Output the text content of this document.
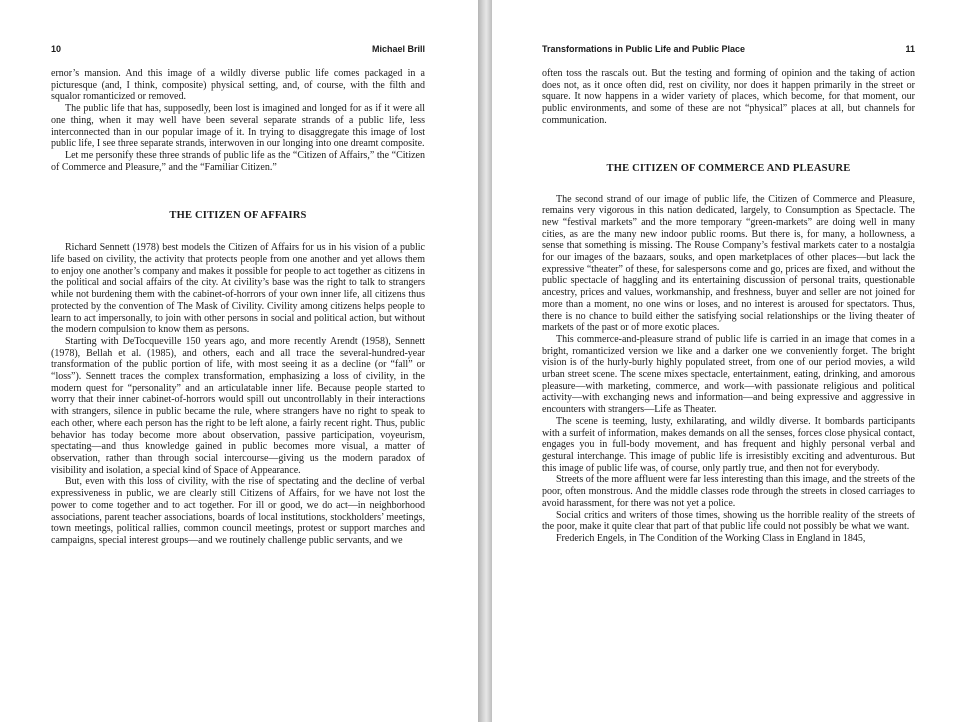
10	Michael Brill

ernor’s mansion. And this image of a wildly diverse public life comes packaged in a picturesque (and, I think, composite) physical setting, and, of course, with the filth and squalor romanticized or removed.

The public life that has, supposedly, been lost is imagined and longed for as if it were all one thing, when it may well have been several separate strands of a public life, less interconnected than in our popular image of it. In trying to disaggregate this image of lost public life, I see three separate strands, interwoven in our longing into one dreamt composite.

Let me personify these three strands of public life as the “Citizen of Affairs,” the “Citizen of Commerce and Pleasure,” and the “Familiar Citizen.”

THE CITIZEN OF AFFAIRS

Richard Sennett (1978) best models the Citizen of Affairs for us in his vision of a public life based on civility, the activity that protects people from one another and yet allows them to enjoy one another’s company and makes it possible for people to act together as citizens in the political and social affairs of the city. At civility’s base was the right to talk to strangers while not burdening them with the cabinet-of-horrors of your own inner life, all citizens thus protected by the convention of The Mask of Civility. Civility among citizens helps people to learn to act impersonally, to join with other persons in social and political action, but without the modern compulsion to know them as persons.

Starting with DeTocqueville 150 years ago, and more recently Arendt (1958), Sennett (1978), Bellah et al. (1985), and others, each and all trace the several-hundred-year transformation of the public portion of life, with most seeing it as a decline (or “fall” or “loss”). Sennett traces the complex transformation, emphasizing a loss of civility, in the modern quest for “personality” and an articulatable inner life. Because people started to worry that their inner cabinet-of-horrors would spill out uncontrollably in their interactions with strangers, silence in public became the rule, where strangers have no right to speak to each other, where each person has the right to be left alone, a fairly recent right. Thus, public behavior has today become more about observation, passive participation, voyeurism, spectating—and thus knowledge gained in public becomes more visual, a matter of observation, rather than through social intercourse—giving us the modern paradox of visibility and isolation, a special kind of Space of Appearance.

But, even with this loss of civility, with the rise of spectating and the decline of verbal expressiveness in public, we are clearly still Citizens of Affairs, for we have not lost the power to come together and to act together. For ill or good, we do act—in neighborhood associations, parent teacher associations, boards of local institutions, stockholders’ meetings, town meetings, political rallies, common council meetings, protest or support marches and campaigns, special interest groups—and we routinely challenge public servants, and we

Transformations in Public Life and Public Place	11

often toss the rascals out. But the testing and forming of opinion and the taking of action does not, as it once often did, rest on civility, nor does it happen primarily in the street or square. It now happens in a wider variety of places, which become, for that moment, our public environments, and some of these are not “physical” places at all, but channels for communication.

THE CITIZEN OF COMMERCE AND PLEASURE

The second strand of our image of public life, the Citizen of Commerce and Pleasure, remains very vigorous in this nation dedicated, largely, to Consumption as Spectacle. The new “festival markets” and the more temporary “green-markets” are doing well in many cities, as are the many new indoor public rooms. But there is, for many, a hollowness, a sense that something is missing. The Rouse Company’s festival markets cater to a nostalgia for our images of the bazaars, souks, and open marketplaces of other places—but lack the expressive “theater” of these, for salespersons come and go, prices are fixed, and without the public spectacle of haggling and its entertaining discussion of personal traits, questionable ancestry, prices and values, workmanship, and freshness, buyer and seller are not joined for more than a moment, no one wins or loses, and no interest is aroused for spectators. Thus, there is no chance to build either the satisfying social relationships or the living theater of markets of the past or of more exotic places.

This commerce-and-pleasure strand of public life is carried in an image that comes in a bright, romanticized version we like and a darker one we conveniently forget. The bright vision is of the hurly-burly highly populated street, from one of our period movies, a wild urban street scene. The scene mixes spectacle, entertainment, eating, drinking, and amorous pleasure—with marketing, commerce, and work—with passionate religious and political activity—with exchanging news and information—and being expressive and aggressive in encounters with strangers—Life as Theater.

The scene is teeming, lusty, exhilarating, and wildly diverse. It bombards participants with a surfeit of information, makes demands on all the senses, forces close physical contact, engages you in full-body movement, and has frequent and highly personal verbal and gestural interchange. This image of public life is irresistibly exciting and adventurous. But this image of public life was, of course, only partly true, and then not for everybody.

Streets of the more affluent were far less interesting than this image, and the streets of the poor, often monstrous. And the middle classes rode through the streets in closed carriages to avoid harassment, for there was not yet a police.

Social critics and writers of those times, showing us the horrible reality of the streets of the poor, make it quite clear that part of that public life could not possibly be what we want.

Frederich Engels, in The Condition of the Working Class in England in 1845,
